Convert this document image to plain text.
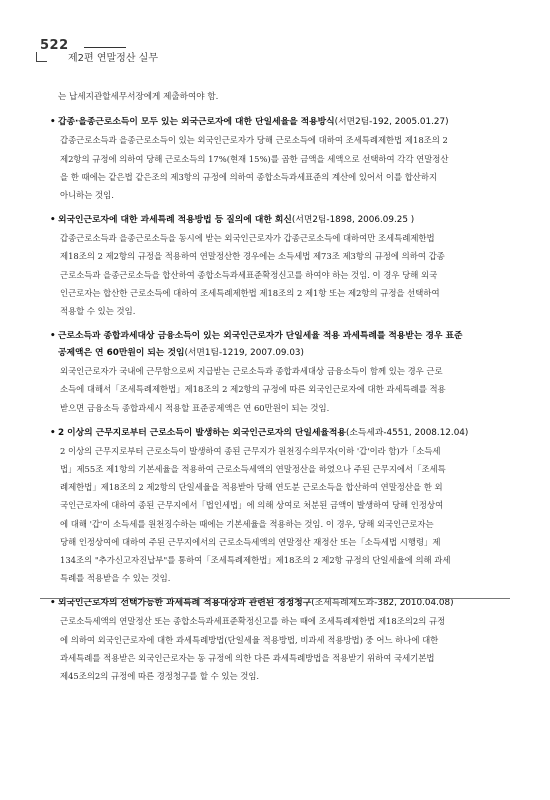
522
제2편 연말정산 실무

는 납세지관할세무서장에게 제출하여야 함.

• 갑종·을종근로소득이 모두 있는 외국근로자에 대한 단일세율을 적용방식(서면2팀-192, 2005.01.27)

갑종근로소득과 을종근로소득이 있는 외국인근로자가 당해 근로소득에 대하여 조세특례제한법 제18조의 2

제2항의 규정에 의하여 당해 근로소득의 17%(현재 15%)를 곱한 금액을 세액으로 선택하여 각각 연말정산

을 한 때에는 같은법 같은조의 제3항의 규정에 의하여 종합소득과세표준의 계산에 있어서 이를 합산하지

아니하는 것임.

• 외국인근로자에 대한 과세특례 적용방법 등 질의에 대한 회신(서면2팀-1898, 2006.09.25 )

갑종근로소득과 을종근로소득을 동시에 받는 외국인근로자가 갑종근로소득에 대하여만 조세특례제한법

제18조의 2 제2항의 규정을 적용하여 연말정산한 경우에는 소득세법 제73조 제3항의 규정에 의하여 갑종

근로소득과 을종근로소득을 합산하여 종합소득과세표준확정신고를 하여야 하는 것임. 이 경우 당해 외국

인근로자는 합산한 근로소득에 대하여 조세특례제한법 제18조의 2 제1항 또는 제2항의 규정을 선택하여

적용할 수 있는 것임.

• 근로소득과 종합과세대상 금융소득이 있는 외국인근로자가 단일세율 적용 과세특례를 적용받는 경우 표준

공제액은 연 60만원이 되는 것임(서면1팀-1219, 2007.09.03)

외국인근로자가 국내에 근무함으로써 지급받는 근로소득과 종합과세대상 금융소득이 함께 있는 경우 근로

소득에 대해서「조세특례제한법」제18조의 2 제2항의 규정에 따른 외국인근로자에 대한 과세특례를 적용

받으면 금융소득 종합과세시 적용할 표준공제액은 연 60만원이 되는 것임.

• 2 이상의 근무지로부터 근로소득이 발생하는 외국인근로자의 단일세율적용(소득세과-4551, 2008.12.04)

2 이상의 근무지로부터 근로소득이 발생하여 종된 근무지가 원천징수의무자(이하 '갑'이라 함)가「소득세

법」제55조 제1항의 기본세율을 적용하여 근로소득세액의 연말정산을 하였으나 주된 근무지에서「조세특

례제한법」제18조의 2 제2항의 단일세율을 적용받아 당해 연도분 근로소득을 합산하여 연말정산을 한 외

국인근로자에 대하여 종된 근무지에서「법인세법」에 의해 상여로 처분된 금액이 발생하여 당해 인정상여

에 대해 '갑'이 소득세를 원천징수하는 때에는 기본세율을 적용하는 것임. 이 경우, 당해 외국인근로자는

당해 인정상여에 대하여 주된 근무지에서의 근로소득세액의 연말정산 재정산 또는「소득세법 시행령」제

134조의 "추가신고자진납부"를 통하여「조세특례제한법」제18조의 2 제2항 규정의 단일세율에 의해 과세

특례를 적용받을 수 있는 것임.

• 외국인근로자의 선택가능한 과세특례 적용대상과 관련된 경정청구(조세특례제도과-382, 2010.04.08)

근로소득세액의 연말정산 또는 종합소득과세표준확정신고를 하는 때에 조세특례제한법 제18조의2의 규정

에 의하여 외국인근로자에 대한 과세특례방법(단일세율 적용방법, 비과세 적용방법) 중 어느 하나에 대한

과세특례를 적용받은 외국인근로자는 동 규정에 의한 다른 과세특례방법을 적용받기 위하여 국세기본법

제45조의2의 규정에 따른 경정청구를 할 수 있는 것임.
